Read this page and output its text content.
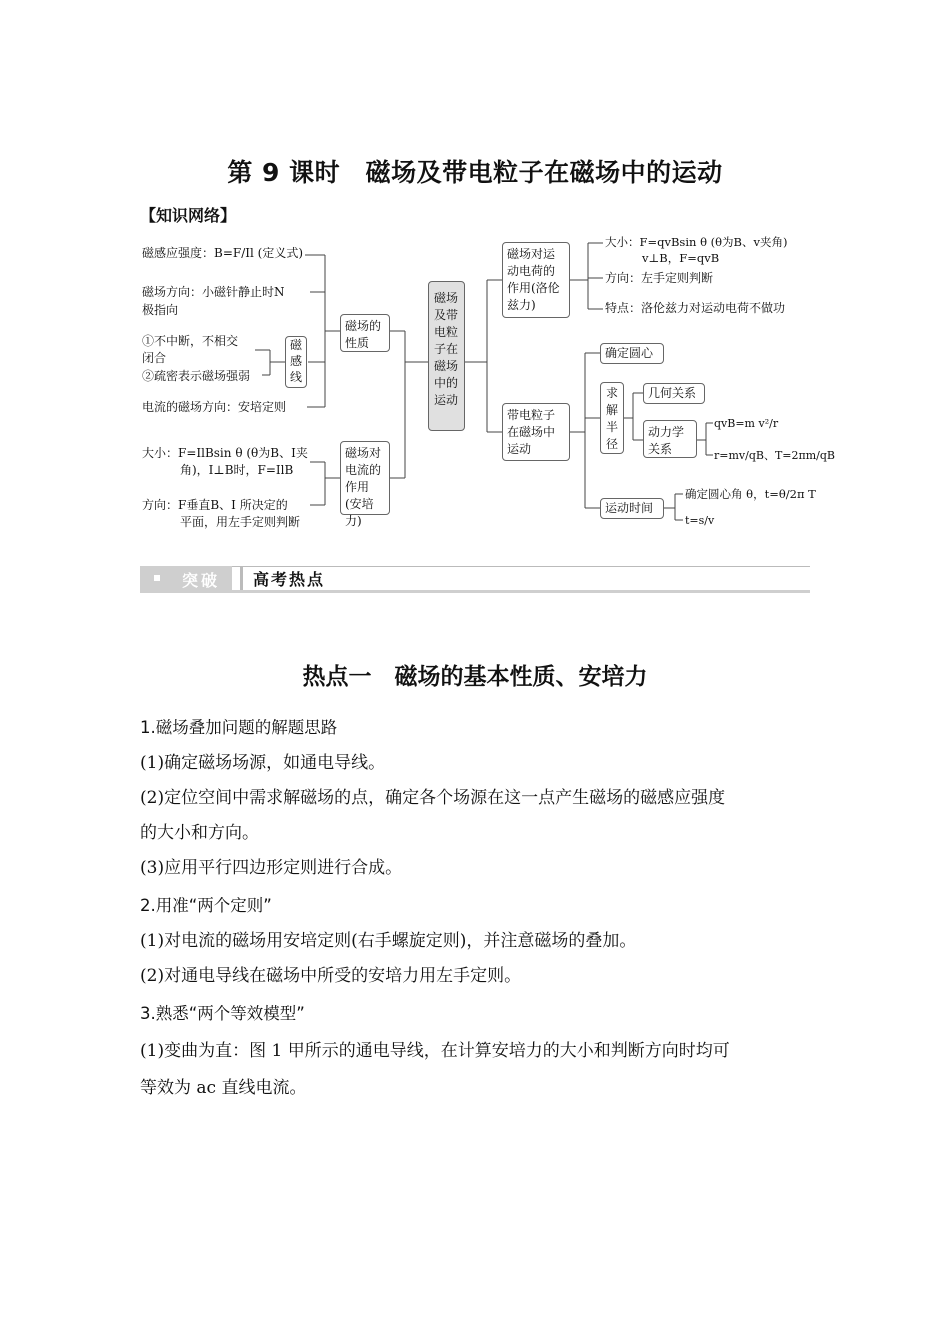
第 9 课时　磁场及带电粒子在磁场中的运动
【知识网络】
磁感应强度：B=F/Il (定义式)
磁场方向：小磁针静止时N
极指向
①不中断，不相交
闭合
②疏密表示磁场强弱
电流的磁场方向：安培定则
大小：F=IlBsin θ (θ为B、I夹
角)，I⊥B时，F=IlB
方向：F垂直B、I 所决定的
平面，用左手定则判断
磁感线
磁场的性质
磁场对电流的作用(安培力)
磁场及带电粒子在磁场中的运动
磁场对运动电荷的作用(洛伦兹力)
带电粒子在磁场中运动
确定圆心
求解半径
几何关系
动力学关系
运动时间
大小：F=qvBsin θ (θ为B、v夹角)
v⊥B，F=qvB
方向：左手定则判断
特点：洛伦兹力对运动电荷不做功
qvB=m v²/r
r=mv/qB、T=2πm/qB
确定圆心角 θ，t=θ/2π T
t=s/v
突破 高考热点
热点一　磁场的基本性质、安培力
1.磁场叠加问题的解题思路
(1)确定磁场场源，如通电导线。
(2)定位空间中需求解磁场的点，确定各个场源在这一点产生磁场的磁感应强度
的大小和方向。
(3)应用平行四边形定则进行合成。
2.用准“两个定则”
(1)对电流的磁场用安培定则(右手螺旋定则)，并注意磁场的叠加。
(2)对通电导线在磁场中所受的安培力用左手定则。
3.熟悉“两个等效模型”
(1)变曲为直：图 1 甲所示的通电导线，在计算安培力的大小和判断方向时均可
等效为 ac 直线电流。
